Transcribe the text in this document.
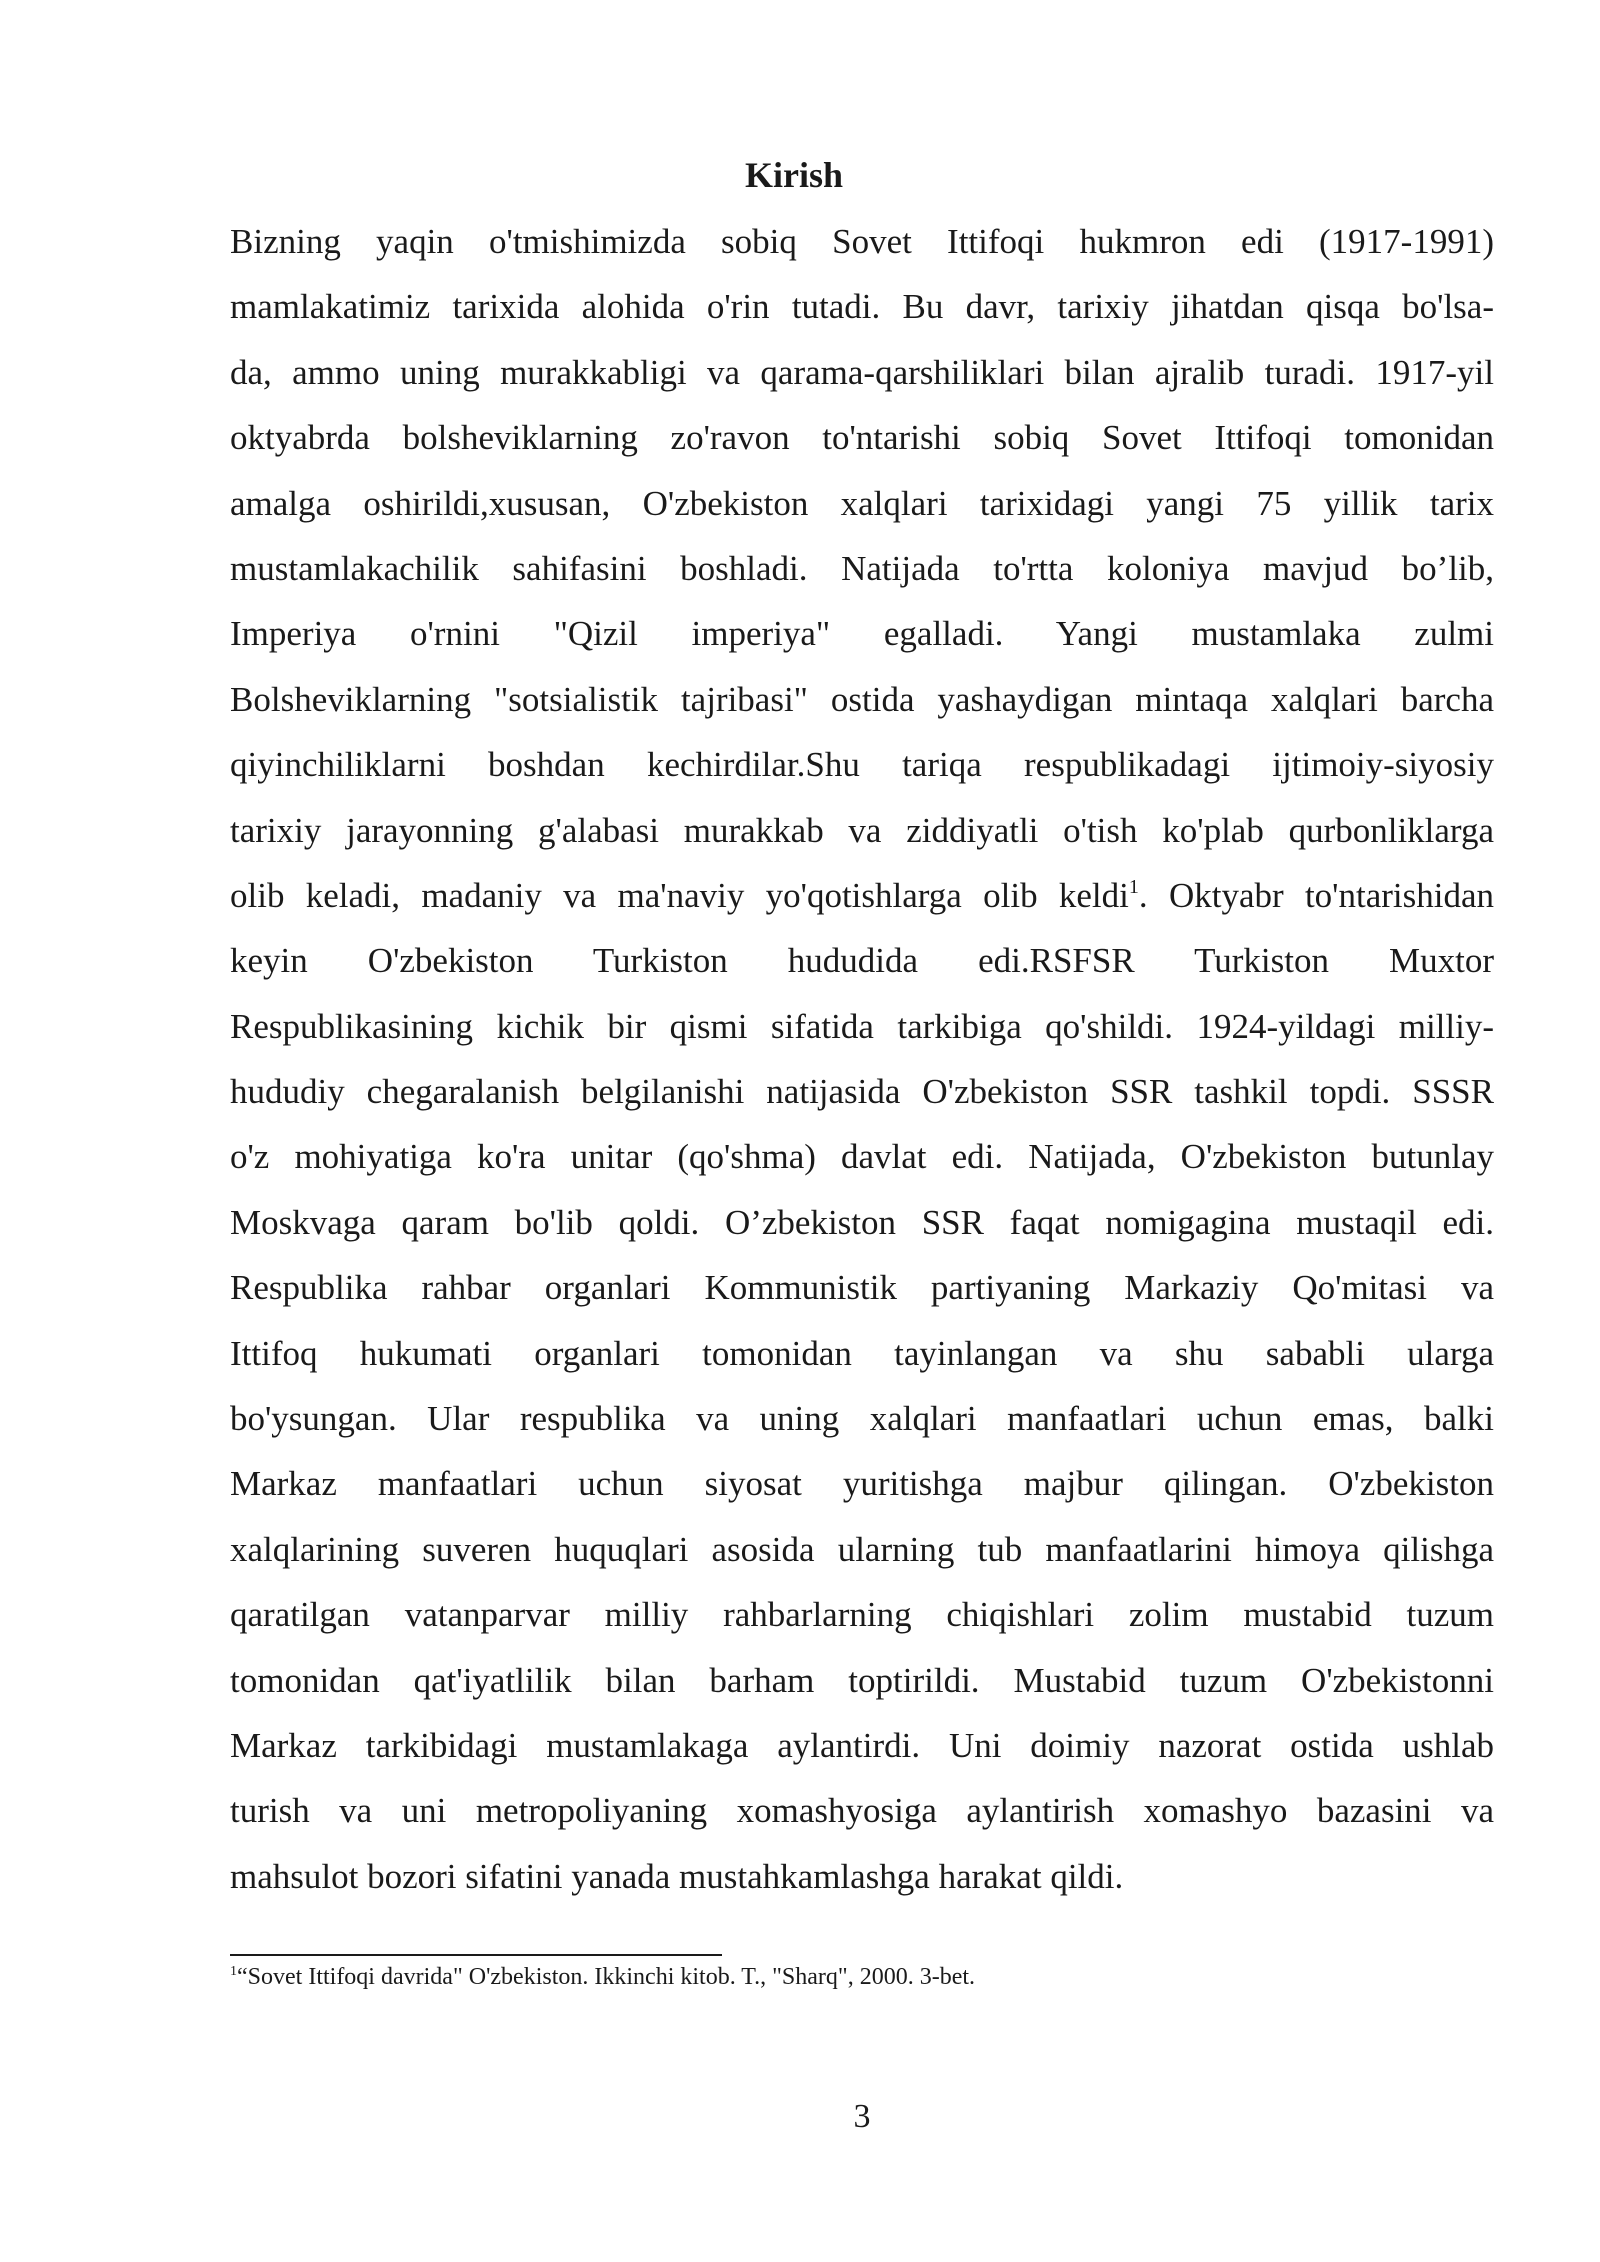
Kirish
Bizning yaqin o'tmishimizda sobiq Sovet Ittifoqi hukmron edi (1917-1991)
mamlakatimiz tarixida alohida o'rin tutadi. Bu davr, tarixiy jihatdan qisqa bo'lsa-
da, ammo uning murakkabligi va qarama-qarshiliklari bilan ajralib turadi. 1917-yil
oktyabrda bolsheviklarning zo'ravon to'ntarishi sobiq Sovet Ittifoqi tomonidan
amalga oshirildi,xususan, O'zbekiston xalqlari tarixidagi yangi 75 yillik tarix
mustamlakachilik sahifasini boshladi. Natijada to'rtta koloniya mavjud bo’lib,
Imperiya o'rnini "Qizil imperiya" egalladi. Yangi mustamlaka zulmi
Bolsheviklarning "sotsialistik tajribasi" ostida yashaydigan mintaqa xalqlari barcha
qiyinchiliklarni boshdan kechirdilar.Shu tariqa respublikadagi ijtimoiy-siyosiy
tarixiy jarayonning g'alabasi murakkab va ziddiyatli o'tish ko'plab qurbonliklarga
olib keladi, madaniy va ma'naviy yo'qotishlarga olib keldi$^1$. Oktyabr to'ntarishidan
keyin O'zbekiston Turkiston hududida edi.RSFSR Turkiston Muxtor
Respublikasining kichik bir qismi sifatida tarkibiga qo'shildi. 1924-yildagi milliy-
hududiy chegaralanish belgilanishi natijasida O'zbekiston SSR tashkil topdi. SSSR
o'z mohiyatiga ko'ra unitar (qo'shma) davlat edi. Natijada, O'zbekiston butunlay
Moskvaga qaram bo'lib qoldi. O’zbekiston SSR faqat nomigagina mustaqil edi.
Respublika rahbar organlari Kommunistik partiyaning Markaziy Qo'mitasi va
Ittifoq hukumati organlari tomonidan tayinlangan va shu sababli ularga
bo'ysungan. Ular respublika va uning xalqlari manfaatlari uchun emas, balki
Markaz manfaatlari uchun siyosat yuritishga majbur qilingan. O'zbekiston
xalqlarining suveren huquqlari asosida ularning tub manfaatlarini himoya qilishga
qaratilgan vatanparvar milliy rahbarlarning chiqishlari zolim mustabid tuzum
tomonidan qat'iyatlilik bilan barham toptirildi. Mustabid tuzum O'zbekistonni
Markaz tarkibidagi mustamlakaga aylantirdi. Uni doimiy nazorat ostida ushlab
turish va uni metropoliyaning xomashyosiga aylantirish xomashyo bazasini va
mahsulot bozori sifatini yanada mustahkamlashga harakat qildi.
$^1$“Sovet Ittifoqi davrida" O'zbekiston. Ikkinchi kitob. T., "Sharq", 2000. 3-bet.
3
